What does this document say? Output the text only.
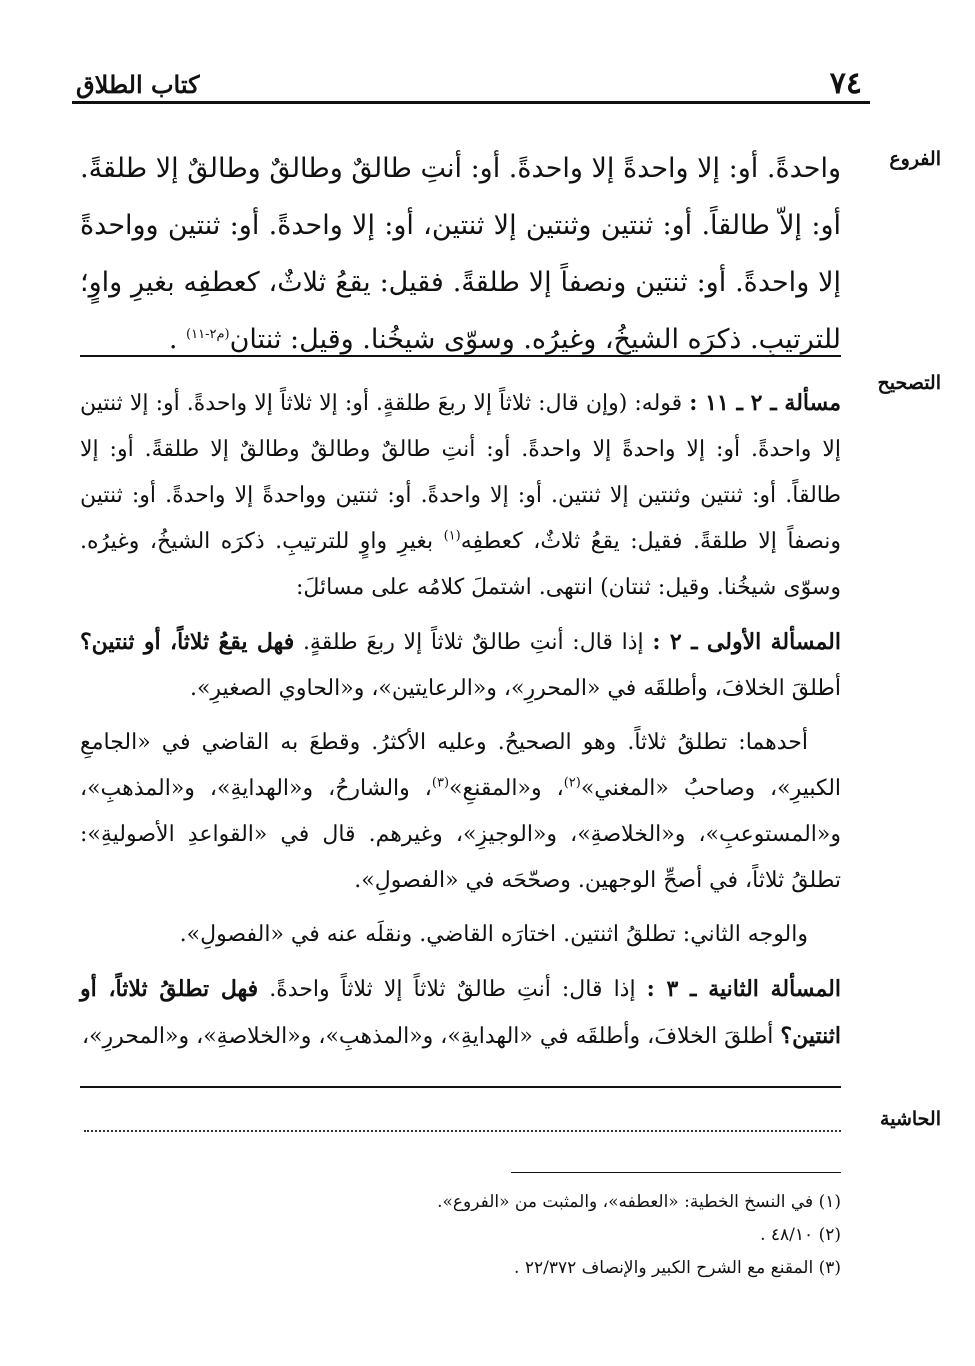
٧٤
كتاب الطلاق
الفروع

واحدةً. أو: إلا واحدةً إلا واحدةً. أو: أنتِ طالقٌ وطالقٌ وطالقٌ إلا طلقةً. أو: إلاّ طالقاً. أو: ثنتين وثنتين إلا ثنتين، أو: إلا واحدةً. أو: ثنتين وواحدةً إلا واحدةً. أو: ثنتين ونصفاً إلا طلقةً. فقيل: يقعُ ثلاثٌ، كعطفِه بغيرِ واوٍ؛ للترتيبِ. ذكرَه الشيخُ، وغيرُه. وسوّى شيخُنا. وقيل: ثنتان$^{(م٢-١١)}$ .

التصحيح

مسألة ـ ٢ ـ ١١ : قوله: (وإن قال: ثلاثاً إلا ربعَ طلقةٍ. أو: إلا ثلاثاً إلا واحدةً. أو: إلا ثنتين إلا واحدةً. أو: إلا واحدةً إلا واحدةً. أو: أنتِ طالقٌ وطالقٌ وطالقٌ إلا طلقةً. أو: إلا طالقاً. أو: ثنتين وثنتين إلا ثنتين. أو: إلا واحدةً. أو: ثنتين وواحدةً إلا واحدةً. أو: ثنتين ونصفاً إلا طلقةً. فقيل: يقعُ ثلاثٌ، كعطفِه$^{(١)}$ بغيرِ واوٍ للترتيبِ. ذكرَه الشيخُ، وغيرُه. وسوّى شيخُنا. وقيل: ثنتان) انتهى. اشتملَ كلامُه على مسائلَ:

المسألة الأولى ـ ٢ : إذا قال: أنتِ طالقٌ ثلاثاً إلا ربعَ طلقةٍ. فهل يقعُ ثلاثاً، أو ثنتين؟ أطلقَ الخلافَ، وأطلقَه في «المحررِ»، و«الرعايتين»، و«الحاوي الصغيرِ».

أحدهما: تطلقُ ثلاثاً. وهو الصحيحُ. وعليه الأكثرُ. وقطعَ به القاضي في «الجامعِ الكبيرِ»، وصاحبُ «المغني»$^{(٢)}$، و«المقنعِ»$^{(٣)}$، والشارحُ، و«الهدايةِ»، و«المذهبِ»، و«المستوعبِ»، و«الخلاصةِ»، و«الوجيزِ»، وغيرهم. قال في «القواعدِ الأصوليةِ»: تطلقُ ثلاثاً، في أصحِّ الوجهين. وصحّحَه في «الفصولِ».

والوجه الثاني: تطلقُ اثنتين. اختارَه القاضي. ونقلَه عنه في «الفصولِ».

المسألة الثانية ـ ٣ : إذا قال: أنتِ طالقٌ ثلاثاً إلا ثلاثاً واحدةً. فهل تطلقُ ثلاثاً، أو اثنتين؟ أطلقَ الخلافَ، وأطلقَه في «الهدايةِ»، و«المذهبِ»، و«الخلاصةِ»، و«المحررِ»،

الحاشية
(١) في النسخ الخطية: «العطفه»، والمثبت من «الفروع».
(٢) ٤٨/١٠ .
(٣) المقنع مع الشرح الكبير والإنصاف ٢٢/٣٧٢ .
